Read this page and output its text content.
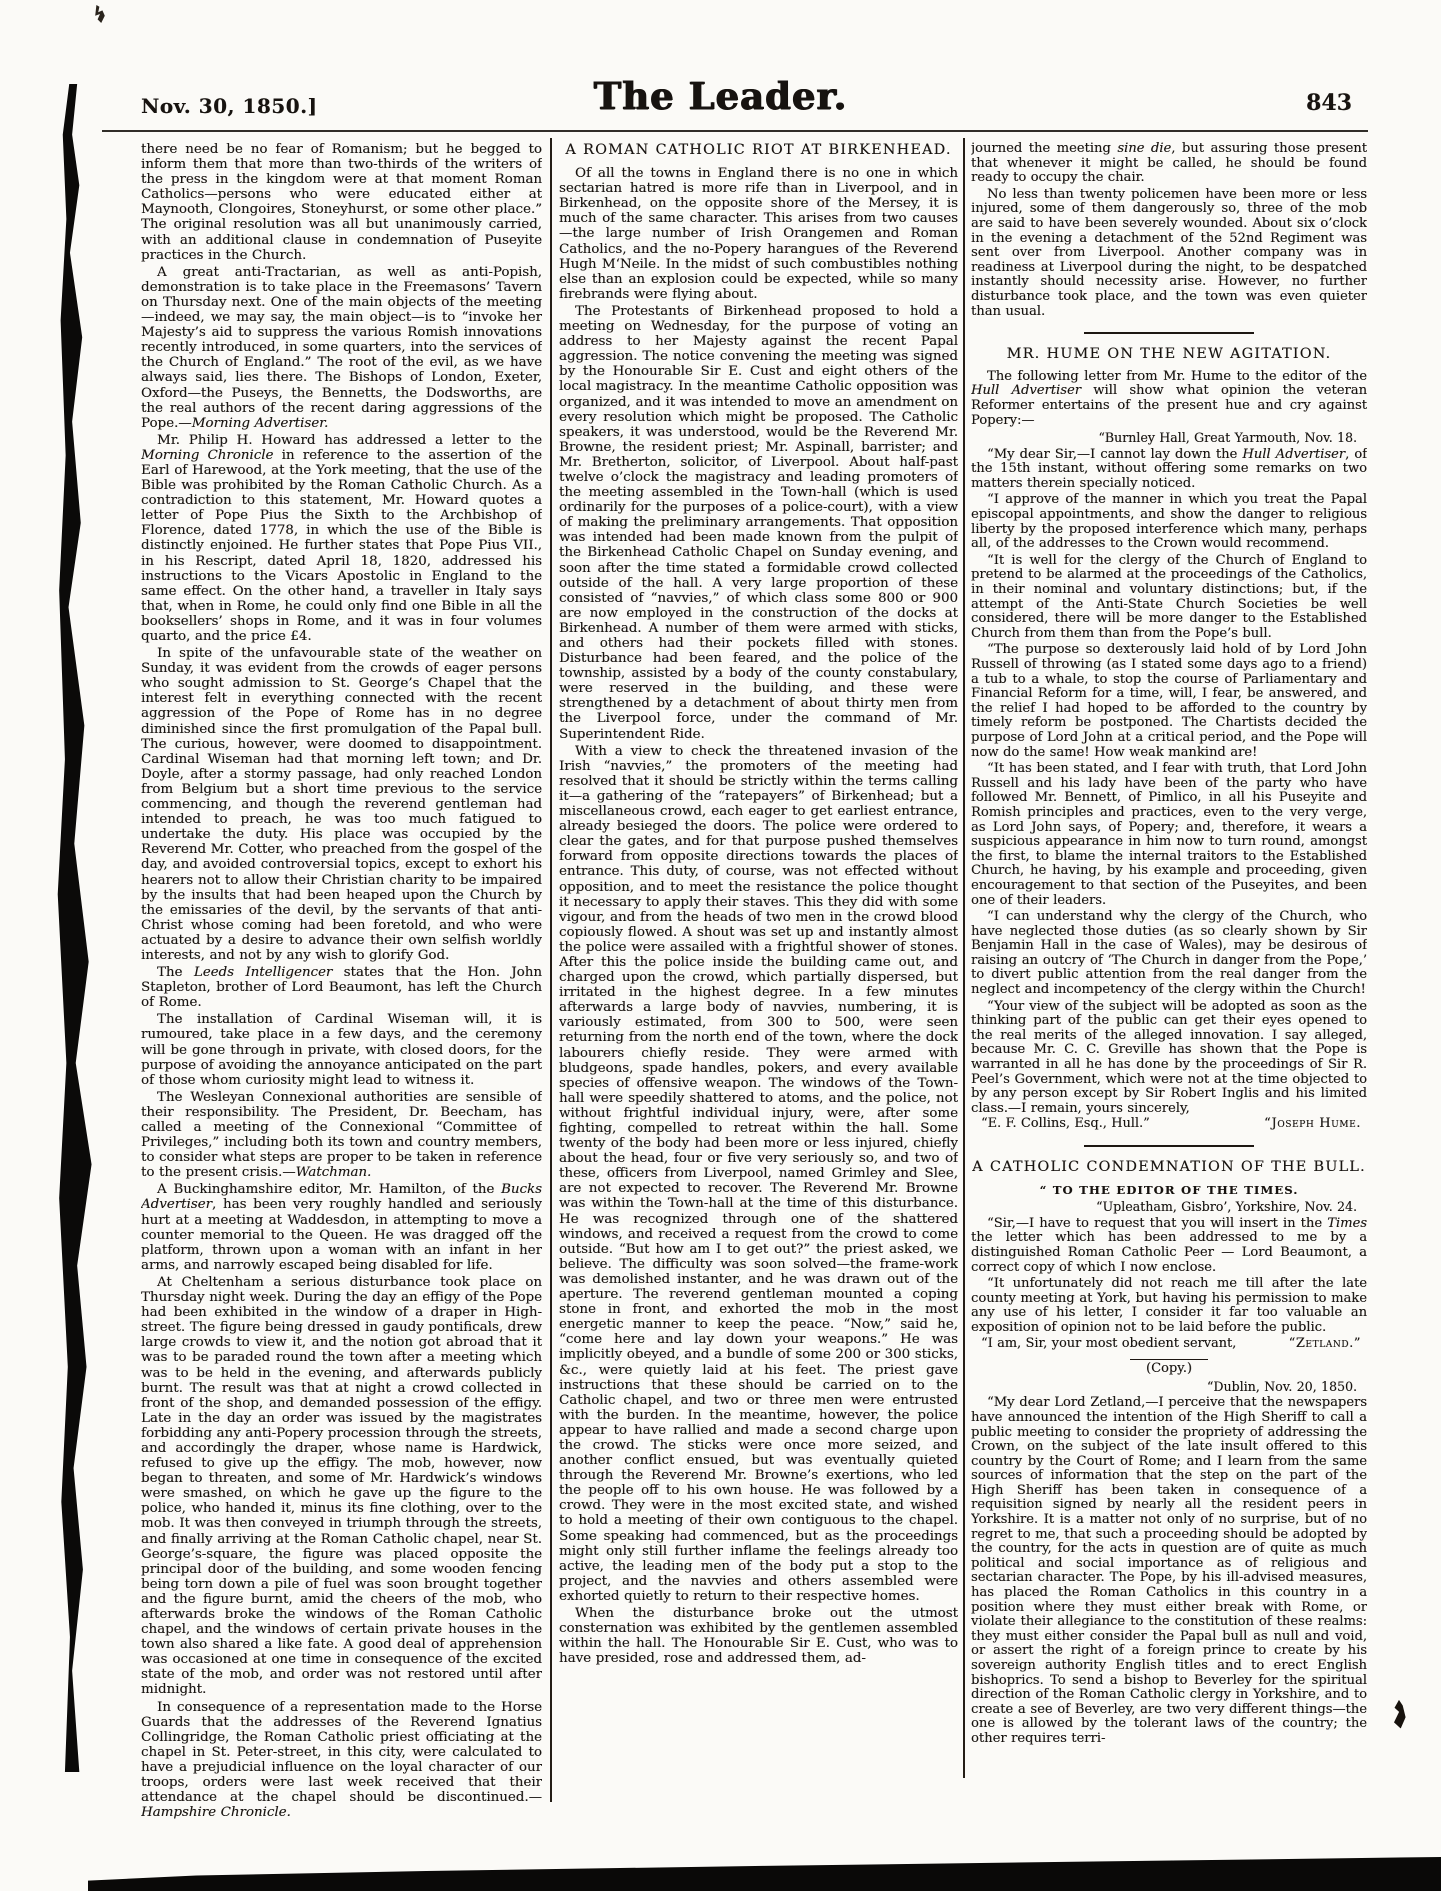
Nov. 30, 1850.]	The Leader.	843
there need be no fear of Romanism; but he begged to inform them that more than two-thirds of the writers of the press in the kingdom were at that moment Roman Catholics—persons who were educated either at Maynooth, Clongoires, Stoneyhurst, or some other place.” The original resolution was all but unanimously carried, with an additional clause in condemnation of Puseyite practices in the Church.
A great anti-Tractarian, as well as anti-Popish, demonstration is to take place in the Freemasons’ Tavern on Thursday next. One of the main objects of the meeting—indeed, we may say, the main object—is to “invoke her Majesty’s aid to suppress the various Romish innovations recently introduced, in some quarters, into the services of the Church of England.” The root of the evil, as we have always said, lies there. The Bishops of London, Exeter, Oxford—the Puseys, the Bennetts, the Dodsworths, are the real authors of the recent daring aggressions of the Pope.—Morning Advertiser.
Mr. Philip H. Howard has addressed a letter to the Morning Chronicle in reference to the assertion of the Earl of Harewood, at the York meeting, that the use of the Bible was prohibited by the Roman Catholic Church. As a contradiction to this statement, Mr. Howard quotes a letter of Pope Pius the Sixth to the Archbishop of Florence, dated 1778, in which the use of the Bible is distinctly enjoined. He further states that Pope Pius VII., in his Rescript, dated April 18, 1820, addressed his instructions to the Vicars Apostolic in England to the same effect. On the other hand, a traveller in Italy says that, when in Rome, he could only find one Bible in all the booksellers’ shops in Rome, and it was in four volumes quarto, and the price £4.
In spite of the unfavourable state of the weather on Sunday, it was evident from the crowds of eager persons who sought admission to St. George’s Chapel that the interest felt in everything connected with the recent aggression of the Pope of Rome has in no degree diminished since the first promulgation of the Papal bull. The curious, however, were doomed to disappointment. Cardinal Wiseman had that morning left town; and Dr. Doyle, after a stormy passage, had only reached London from Belgium but a short time previous to the service commencing, and though the reverend gentleman had intended to preach, he was too much fatigued to undertake the duty. His place was occupied by the Reverend Mr. Cotter, who preached from the gospel of the day, and avoided controversial topics, except to exhort his hearers not to allow their Christian charity to be impaired by the insults that had been heaped upon the Church by the emissaries of the devil, by the servants of that anti-Christ whose coming had been foretold, and who were actuated by a desire to advance their own selfish worldly interests, and not by any wish to glorify God.
The Leeds Intelligencer states that the Hon. John Stapleton, brother of Lord Beaumont, has left the Church of Rome.
The installation of Cardinal Wiseman will, it is rumoured, take place in a few days, and the ceremony will be gone through in private, with closed doors, for the purpose of avoiding the annoyance anticipated on the part of those whom curiosity might lead to witness it.
The Wesleyan Connexional authorities are sensible of their responsibility. The President, Dr. Beecham, has called a meeting of the Connexional “Committee of Privileges,” including both its town and country members, to consider what steps are proper to be taken in reference to the present crisis.—Watchman.
A Buckinghamshire editor, Mr. Hamilton, of the Bucks Advertiser, has been very roughly handled and seriously hurt at a meeting at Waddesdon, in attempting to move a counter memorial to the Queen. He was dragged off the platform, thrown upon a woman with an infant in her arms, and narrowly escaped being disabled for life.
At Cheltenham a serious disturbance took place on Thursday night week. During the day an effigy of the Pope had been exhibited in the window of a draper in High-street. The figure being dressed in gaudy pontificals, drew large crowds to view it, and the notion got abroad that it was to be paraded round the town after a meeting which was to be held in the evening, and afterwards publicly burnt. The result was that at night a crowd collected in front of the shop, and demanded possession of the effigy. Late in the day an order was issued by the magistrates forbidding any anti-Popery procession through the streets, and accordingly the draper, whose name is Hardwick, refused to give up the effigy. The mob, however, now began to threaten, and some of Mr. Hardwick’s windows were smashed, on which he gave up the figure to the police, who handed it, minus its fine clothing, over to the mob. It was then conveyed in triumph through the streets, and finally arriving at the Roman Catholic chapel, near St. George’s-square, the figure was placed opposite the principal door of the building, and some wooden fencing being torn down a pile of fuel was soon brought together and the figure burnt, amid the cheers of the mob, who afterwards broke the windows of the Roman Catholic chapel, and the windows of certain private houses in the town also shared a like fate. A good deal of apprehension was occasioned at one time in consequence of the excited state of the mob, and order was not restored until after midnight.
In consequence of a representation made to the Horse Guards that the addresses of the Reverend Ignatius Collingridge, the Roman Catholic priest officiating at the chapel in St. Peter-street, in this city, were calculated to have a prejudicial influence on the loyal character of our troops, orders were last week received that their attendance at the chapel should be discontinued.—Hampshire Chronicle.
A ROMAN CATHOLIC RIOT AT BIRKENHEAD.
Of all the towns in England there is no one in which sectarian hatred is more rife than in Liverpool, and in Birkenhead, on the opposite shore of the Mersey, it is much of the same character. This arises from two causes—the large number of Irish Orangemen and Roman Catholics, and the no-Popery harangues of the Reverend Hugh M‘Neile. In the midst of such combustibles nothing else than an explosion could be expected, while so many firebrands were flying about.
The Protestants of Birkenhead proposed to hold a meeting on Wednesday, for the purpose of voting an address to her Majesty against the recent Papal aggression. The notice convening the meeting was signed by the Honourable Sir E. Cust and eight others of the local magistracy. In the meantime Catholic opposition was organized, and it was intended to move an amendment on every resolution which might be proposed. The Catholic speakers, it was understood, would be the Reverend Mr. Browne, the resident priest; Mr. Aspinall, barrister; and Mr. Bretherton, solicitor, of Liverpool. About half-past twelve o’clock the magistracy and leading promoters of the meeting assembled in the Town-hall (which is used ordinarily for the purposes of a police-court), with a view of making the preliminary arrangements. That opposition was intended had been made known from the pulpit of the Birkenhead Catholic Chapel on Sunday evening, and soon after the time stated a formidable crowd collected outside of the hall. A very large proportion of these consisted of “navvies,” of which class some 800 or 900 are now employed in the construction of the docks at Birkenhead. A number of them were armed with sticks, and others had their pockets filled with stones. Disturbance had been feared, and the police of the township, assisted by a body of the county constabulary, were reserved in the building, and these were strengthened by a detachment of about thirty men from the Liverpool force, under the command of Mr. Superintendent Ride.
With a view to check the threatened invasion of the Irish “navvies,” the promoters of the meeting had resolved that it should be strictly within the terms calling it—a gathering of the “ratepayers” of Birkenhead; but a miscellaneous crowd, each eager to get earliest entrance, already besieged the doors. The police were ordered to clear the gates, and for that purpose pushed themselves forward from opposite directions towards the places of entrance. This duty, of course, was not effected without opposition, and to meet the resistance the police thought it necessary to apply their staves. This they did with some vigour, and from the heads of two men in the crowd blood copiously flowed. A shout was set up and instantly almost the police were assailed with a frightful shower of stones. After this the police inside the building came out, and charged upon the crowd, which partially dispersed, but irritated in the highest degree. In a few minutes afterwards a large body of navvies, numbering, it is variously estimated, from 300 to 500, were seen returning from the north end of the town, where the dock labourers chiefly reside. They were armed with bludgeons, spade handles, pokers, and every available species of offensive weapon. The windows of the Town-hall were speedily shattered to atoms, and the police, not without frightful individual injury, were, after some fighting, compelled to retreat within the hall. Some twenty of the body had been more or less injured, chiefly about the head, four or five very seriously so, and two of these, officers from Liverpool, named Grimley and Slee, are not expected to recover. The Reverend Mr. Browne was within the Town-hall at the time of this disturbance. He was recognized through one of the shattered windows, and received a request from the crowd to come outside. “But how am I to get out?” the priest asked, we believe. The difficulty was soon solved—the frame-work was demolished instanter, and he was drawn out of the aperture. The reverend gentleman mounted a coping stone in front, and exhorted the mob in the most energetic manner to keep the peace. “Now,” said he, “come here and lay down your weapons.” He was implicitly obeyed, and a bundle of some 200 or 300 sticks, &c., were quietly laid at his feet. The priest gave instructions that these should be carried on to the Catholic chapel, and two or three men were entrusted with the burden. In the meantime, however, the police appear to have rallied and made a second charge upon the crowd. The sticks were once more seized, and another conflict ensued, but was eventually quieted through the Reverend Mr. Browne’s exertions, who led the people off to his own house. He was followed by a crowd. They were in the most excited state, and wished to hold a meeting of their own contiguous to the chapel. Some speaking had commenced, but as the proceedings might only still further inflame the feelings already too active, the leading men of the body put a stop to the project, and the navvies and others assembled were exhorted quietly to return to their respective homes.
When the disturbance broke out the utmost consternation was exhibited by the gentlemen assembled within the hall. The Honourable Sir E. Cust, who was to have presided, rose and addressed them, ad-
journed the meeting sine die, but assuring those present that whenever it might be called, he should be found ready to occupy the chair.
No less than twenty policemen have been more or less injured, some of them dangerously so, three of the mob are said to have been severely wounded. About six o’clock in the evening a detachment of the 52nd Regiment was sent over from Liverpool. Another company was in readiness at Liverpool during the night, to be despatched instantly should necessity arise. However, no further disturbance took place, and the town was even quieter than usual.
MR. HUME ON THE NEW AGITATION.
The following letter from Mr. Hume to the editor of the Hull Advertiser will show what opinion the veteran Reformer entertains of the present hue and cry against Popery:—
“Burnley Hall, Great Yarmouth, Nov. 18.
“My dear Sir,—I cannot lay down the Hull Advertiser, of the 15th instant, without offering some remarks on two matters therein specially noticed.
“I approve of the manner in which you treat the Papal episcopal appointments, and show the danger to religious liberty by the proposed interference which many, perhaps all, of the addresses to the Crown would recommend.
“It is well for the clergy of the Church of England to pretend to be alarmed at the proceedings of the Catholics, in their nominal and voluntary distinctions; but, if the attempt of the Anti-State Church Societies be well considered, there will be more danger to the Established Church from them than from the Pope’s bull.
“The purpose so dexterously laid hold of by Lord John Russell of throwing (as I stated some days ago to a friend) a tub to a whale, to stop the course of Parliamentary and Financial Reform for a time, will, I fear, be answered, and the relief I had hoped to be afforded to the country by timely reform be postponed. The Chartists decided the purpose of Lord John at a critical period, and the Pope will now do the same! How weak mankind are!
“It has been stated, and I fear with truth, that Lord John Russell and his lady have been of the party who have followed Mr. Bennett, of Pimlico, in all his Puseyite and Romish principles and practices, even to the very verge, as Lord John says, of Popery; and, therefore, it wears a suspicious appearance in him now to turn round, amongst the first, to blame the internal traitors to the Established Church, he having, by his example and proceeding, given encouragement to that section of the Puseyites, and been one of their leaders.
“I can understand why the clergy of the Church, who have neglected those duties (as so clearly shown by Sir Benjamin Hall in the case of Wales), may be desirous of raising an outcry of ‘The Church in danger from the Pope,’ to divert public attention from the real danger from the neglect and incompetency of the clergy within the Church!
“Your view of the subject will be adopted as soon as the thinking part of the public can get their eyes opened to the real merits of the alleged innovation. I say alleged, because Mr. C. C. Greville has shown that the Pope is warranted in all he has done by the proceedings of Sir R. Peel’s Government, which were not at the time objected to by any person except by Sir Robert Inglis and his limited class.—I remain, yours sincerely,
“E. F. Collins, Esq., Hull.”	“Joseph Hume.
A CATHOLIC CONDEMNATION OF THE BULL.
“ TO THE EDITOR OF THE TIMES.
“Upleatham, Gisbro’, Yorkshire, Nov. 24.
“Sir,—I have to request that you will insert in the Times the letter which has been addressed to me by a distinguished Roman Catholic Peer — Lord Beaumont, a correct copy of which I now enclose.
“It unfortunately did not reach me till after the late county meeting at York, but having his permission to make any use of his letter, I consider it far too valuable an exposition of opinion not to be laid before the public.
“I am, Sir, your most obedient servant,	“Zetland.”
(Copy.)
“Dublin, Nov. 20, 1850.
“My dear Lord Zetland,—I perceive that the newspapers have announced the intention of the High Sheriff to call a public meeting to consider the propriety of addressing the Crown, on the subject of the late insult offered to this country by the Court of Rome; and I learn from the same sources of information that the step on the part of the High Sheriff has been taken in consequence of a requisition signed by nearly all the resident peers in Yorkshire. It is a matter not only of no surprise, but of no regret to me, that such a proceeding should be adopted by the country, for the acts in question are of quite as much political and social importance as of religious and sectarian character. The Pope, by his ill-advised measures, has placed the Roman Catholics in this country in a position where they must either break with Rome, or violate their allegiance to the constitution of these realms: they must either consider the Papal bull as null and void, or assert the right of a foreign prince to create by his sovereign authority English titles and to erect English bishoprics. To send a bishop to Beverley for the spiritual direction of the Roman Catholic clergy in Yorkshire, and to create a see of Beverley, are two very different things—the one is allowed by the tolerant laws of the country; the other requires terri-
